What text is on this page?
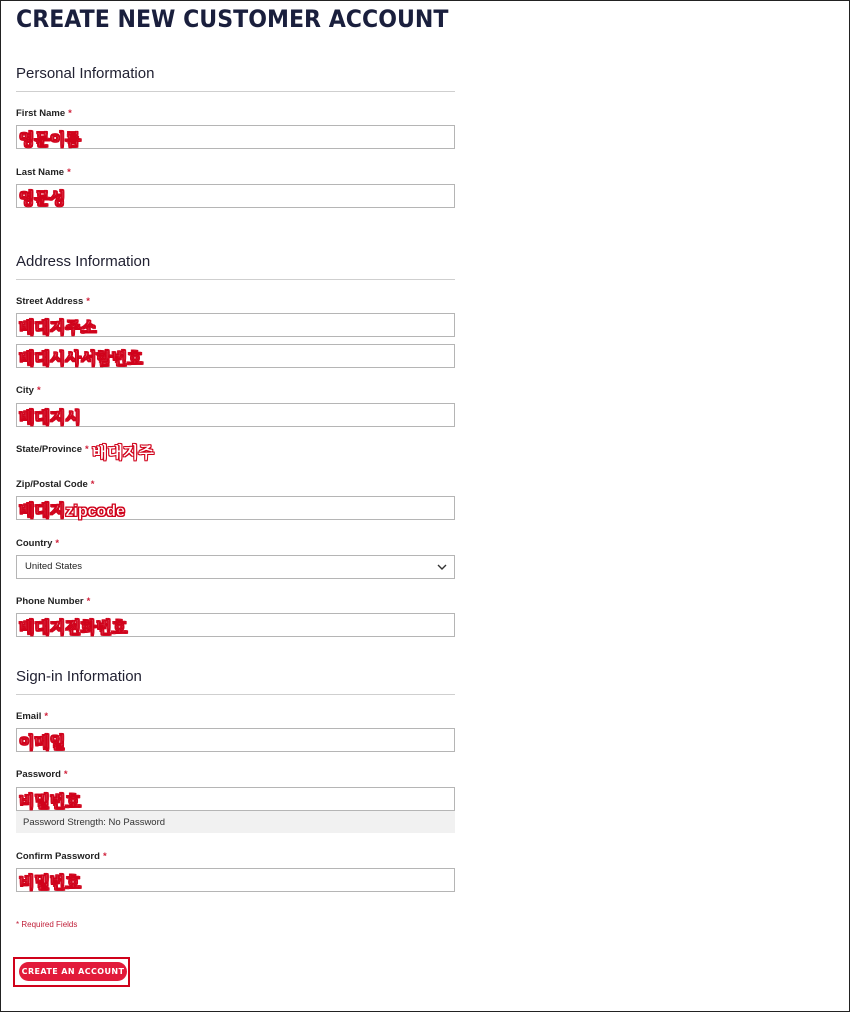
CREATE NEW CUSTOMER ACCOUNT
Personal Information
First Name *
영문이름
Last Name *
영문성
Address Information
Street Address *
배대지주소
배대시사서함번호
City *
배대지시
State/Province * 배대지주
Zip/Postal Code *
배대지zipcode
Country *
United States
Phone Number *
배대지전화번호
Sign-in Information
Email *
이메일
Password *
비밀번호
Password Strength: No Password
Confirm Password *
비밀번호
* Required Fields
CREATE AN ACCOUNT
